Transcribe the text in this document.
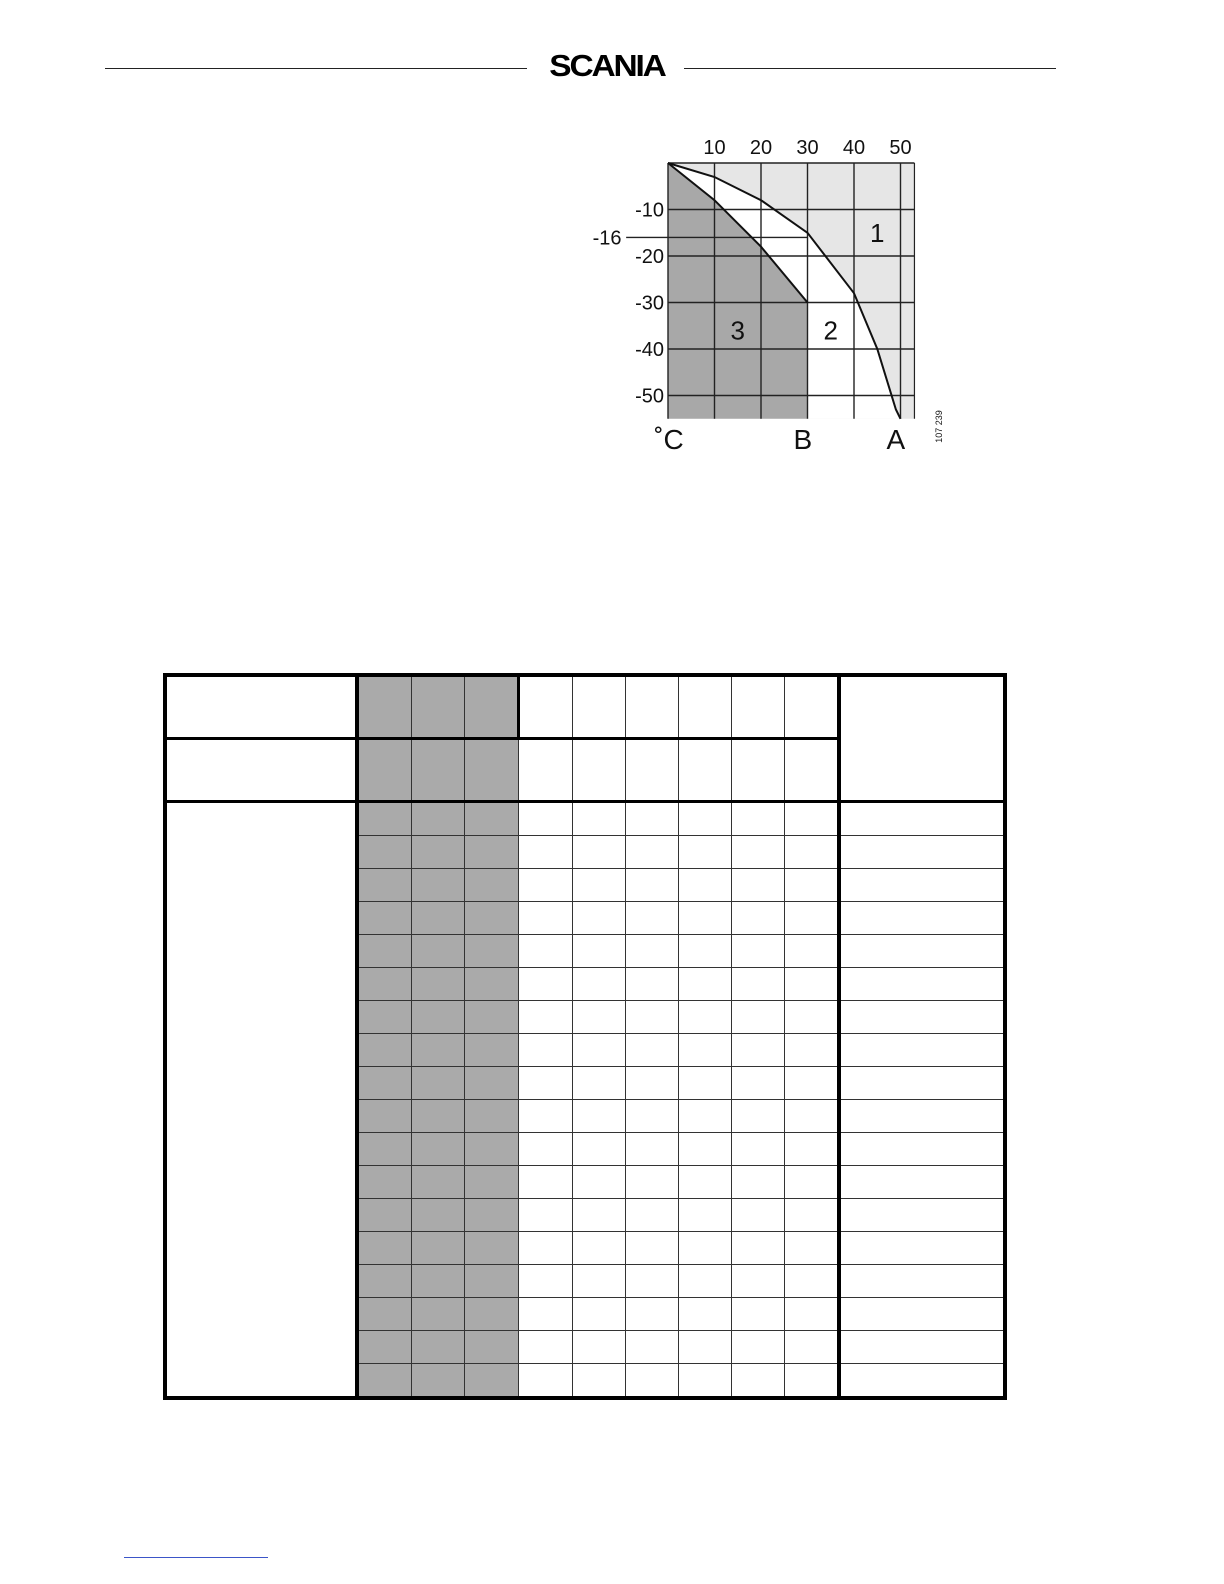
SCANIA
10 20 30 40 50
-10
-16
-20
-30
-40
-50
1
2
3
˚C	A
B	107 239
